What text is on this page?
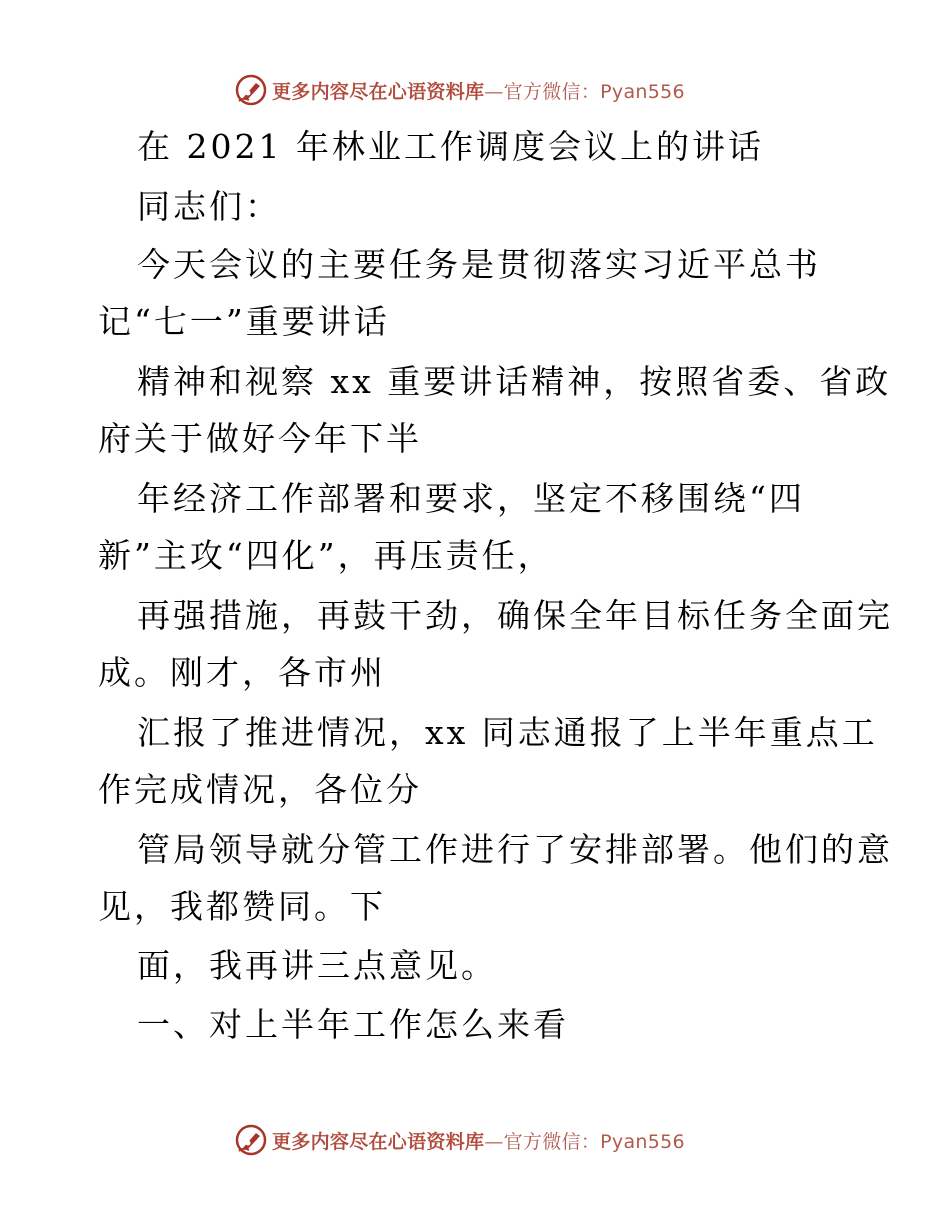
更多内容尽在心语资料库—官方微信：Pyan556
在 2021 年林业工作调度会议上的讲话
同志们：
今天会议的主要任务是贯彻落实习近平总书
记“七一”重要讲话
精神和视察 xx 重要讲话精神，按照省委、省政
府关于做好今年下半
年经济工作部署和要求，坚定不移围绕“四
新”主攻“四化”，再压责任，
再强措施，再鼓干劲，确保全年目标任务全面完
成。刚才，各市州
汇报了推进情况，xx 同志通报了上半年重点工
作完成情况，各位分
管局领导就分管工作进行了安排部署。他们的意
见，我都赞同。下
面，我再讲三点意见。
一、对上半年工作怎么来看
更多内容尽在心语资料库—官方微信：Pyan556
